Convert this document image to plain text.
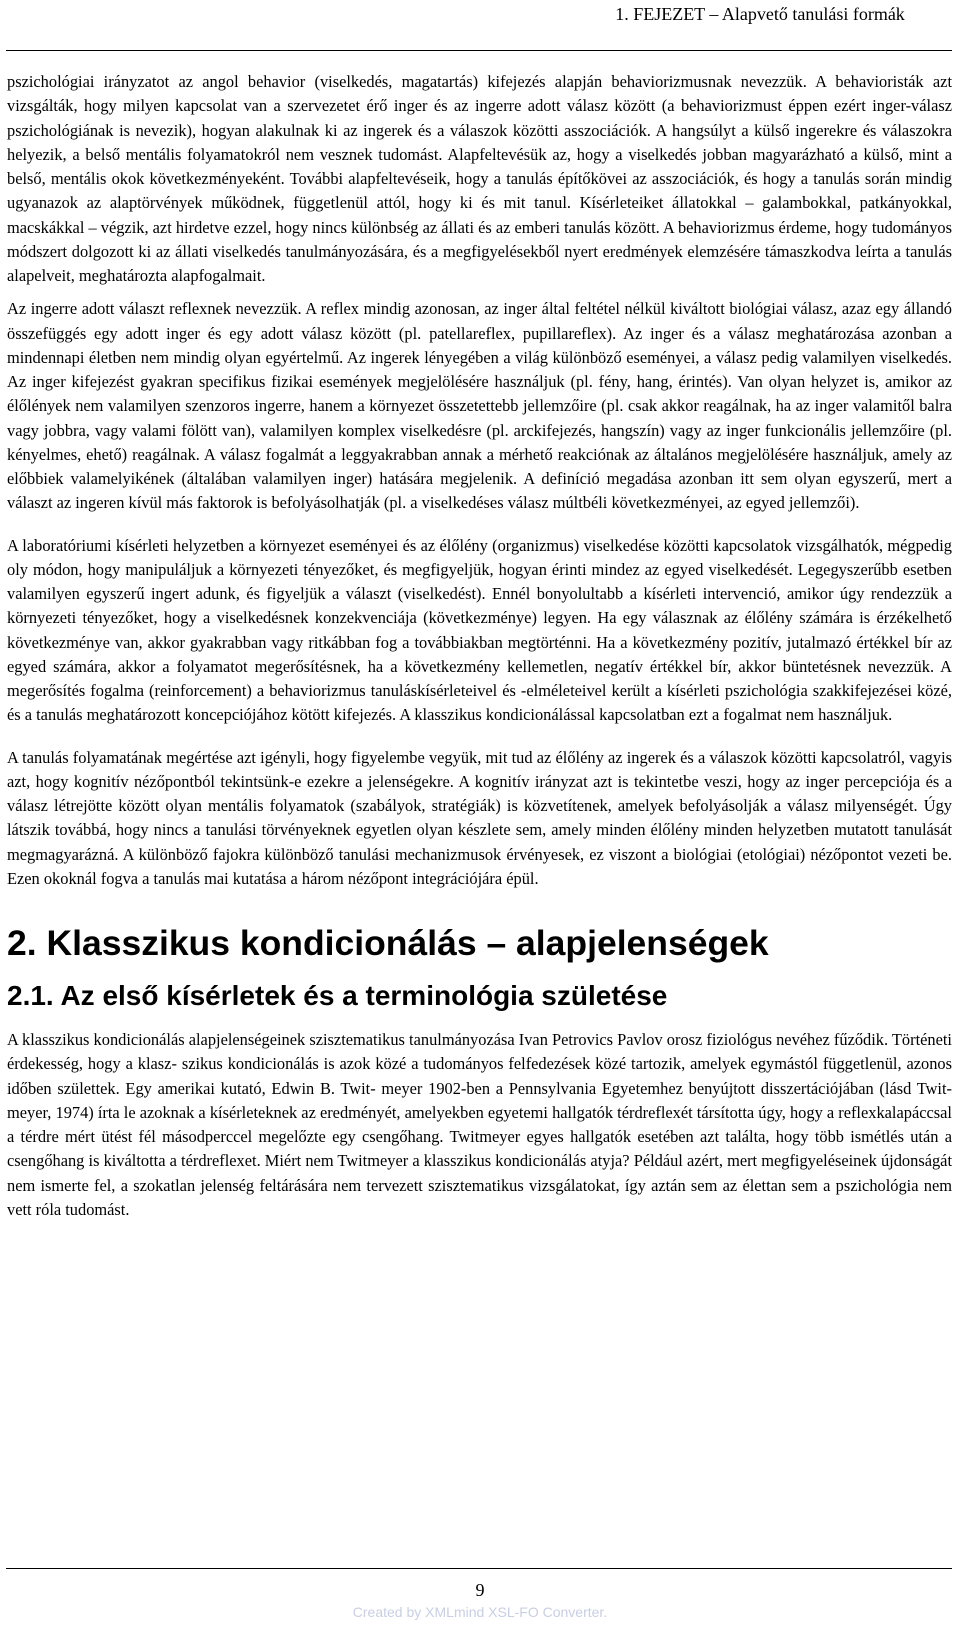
1. FEJEZET – Alapvető tanulási formák

pszichológiai irányzatot az angol behavior (viselkedés, magatartás) kifejezés alapján behaviorizmusnak nevezzük. A behavioristák azt vizsgálták, hogy milyen kapcsolat van a szervezetet érő inger és az ingerre adott válasz között (a behaviorizmust éppen ezért inger-válasz pszichológiának is nevezik), hogyan alakulnak ki az ingerek és a válaszok közötti asszociációk. A hangsúlyt a külső ingerekre és válaszokra helyezik, a belső mentális folyamatokról nem vesznek tudomást. Alapfeltevésük az, hogy a viselkedés jobban magyarázható a külső, mint a belső, mentális okok következményeként. További alapfeltevéseik, hogy a tanulás építőkövei az asszociációk, és hogy a tanulás során mindig ugyanazok az alaptörvények működnek, függetlenül attól, hogy ki és mit tanul. Kísérleteiket állatokkal – galambokkal, patkányokkal, macskákkal – végzik, azt hirdetve ezzel, hogy nincs különbség az állati és az emberi tanulás között. A behaviorizmus érdeme, hogy tudományos módszert dolgozott ki az állati viselkedés tanulmányozására, és a megfigyelésekből nyert eredmények elemzésére támaszkodva leírta a tanulás alapelveit, meghatározta alapfogalmait.

Az ingerre adott választ reflexnek nevezzük. A reflex mindig azonosan, az inger által feltétel nélkül kiváltott biológiai válasz, azaz egy állandó összefüggés egy adott inger és egy adott válasz között (pl. patellareflex, pupillareflex). Az inger és a válasz meghatározása azonban a mindennapi életben nem mindig olyan egyértelmű. Az ingerek lényegében a világ különböző eseményei, a válasz pedig valamilyen viselkedés. Az inger kifejezést gyakran specifikus fizikai események megjelölésére használjuk (pl. fény, hang, érintés). Van olyan helyzet is, amikor az élőlények nem valamilyen szenzoros ingerre, hanem a környezet összetettebb jellemzőire (pl. csak akkor reagálnak, ha az inger valamitől balra vagy jobbra, vagy valami fölött van), valamilyen komplex viselkedésre (pl. arckifejezés, hangszín) vagy az inger funkcionális jellemzőire (pl. kényelmes, ehető) reagálnak. A válasz fogalmát a leggyakrabban annak a mérhető reakciónak az általános megjelölésére használjuk, amely az előbbiek valamelyikének (általában valamilyen inger) hatására megjelenik. A definíció megadása azonban itt sem olyan egyszerű, mert a választ az ingeren kívül más faktorok is befolyásolhatják (pl. a viselkedéses válasz múltbéli következményei, az egyed jellemzői).

A laboratóriumi kísérleti helyzetben a környezet eseményei és az élőlény (organizmus) viselkedése közötti kapcsolatok vizsgálhatók, mégpedig oly módon, hogy manipuláljuk a környezeti tényezőket, és megfigyeljük, hogyan érinti mindez az egyed viselkedését. Legegyszerűbb esetben valamilyen egyszerű ingert adunk, és figyeljük a választ (viselkedést). Ennél bonyolultabb a kísérleti intervenció, amikor úgy rendezzük a környezeti tényezőket, hogy a viselkedésnek konzekvenciája (következménye) legyen. Ha egy válasznak az élőlény számára is érzékelhető következménye van, akkor gyakrabban vagy ritkábban fog a továbbiakban megtörténni. Ha a következmény pozitív, jutalmazó értékkel bír az egyed számára, akkor a folyamatot megerősítésnek, ha a következmény kellemetlen, negatív értékkel bír, akkor büntetésnek nevezzük. A megerősítés fogalma (reinforcement) a behaviorizmus tanuláskísérleteivel és -elméleteivel került a kísérleti pszichológia szakkifejezései közé, és a tanulás meghatározott koncepciójához kötött kifejezés. A klasszikus kondicionálással kapcsolatban ezt a fogalmat nem használjuk.

A tanulás folyamatának megértése azt igényli, hogy figyelembe vegyük, mit tud az élőlény az ingerek és a válaszok közötti kapcsolatról, vagyis azt, hogy kognitív nézőpontból tekintsünk-e ezekre a jelenségekre. A kognitív irányzat azt is tekintetbe veszi, hogy az inger percepciója és a válasz létrejötte között olyan mentális folyamatok (szabályok, stratégiák) is közvetítenek, amelyek befolyásolják a válasz milyenségét. Úgy látszik továbbá, hogy nincs a tanulási törvényeknek egyetlen olyan készlete sem, amely minden élőlény minden helyzetben mutatott tanulását megmagyarázná. A különböző fajokra különböző tanulási mechanizmusok érvényesek, ez viszont a biológiai (etológiai) nézőpontot vezeti be. Ezen okoknál fogva a tanulás mai kutatása a három nézőpont integrációjára épül.

2. Klasszikus kondicionálás – alapjelenségek
2.1. Az első kísérletek és a terminológia születése

A klasszikus kondicionálás alapjelenségeinek szisztematikus tanulmányozása Ivan Petrovics Pavlov orosz fiziológus nevéhez fűződik. Történeti érdekesség, hogy a klasz- szikus kondicionálás is azok közé a tudományos felfedezések közé tartozik, amelyek egymástól függetlenül, azonos időben születtek. Egy amerikai kutató, Edwin B. Twit- meyer 1902-ben a Pennsylvania Egyetemhez benyújtott disszertációjában (lásd Twit- meyer, 1974) írta le azoknak a kísérleteknek az eredményét, amelyekben egyetemi hallgatók térdreflexét társította úgy, hogy a reflexkalapáccsal a térdre mért ütést fél másodperccel megelőzte egy csengőhang. Twitmeyer egyes hallgatók esetében azt találta, hogy több ismétlés után a csengőhang is kiváltotta a térdreflexet. Miért nem Twitmeyer a klasszikus kondicionálás atyja? Például azért, mert megfigyeléseinek újdonságát nem ismerte fel, a szokatlan jelenség feltárására nem tervezett szisztematikus vizsgálatokat, így aztán sem az élettan sem a pszichológia nem vett róla tudomást.

9
Created by XMLmind XSL-FO Converter.
